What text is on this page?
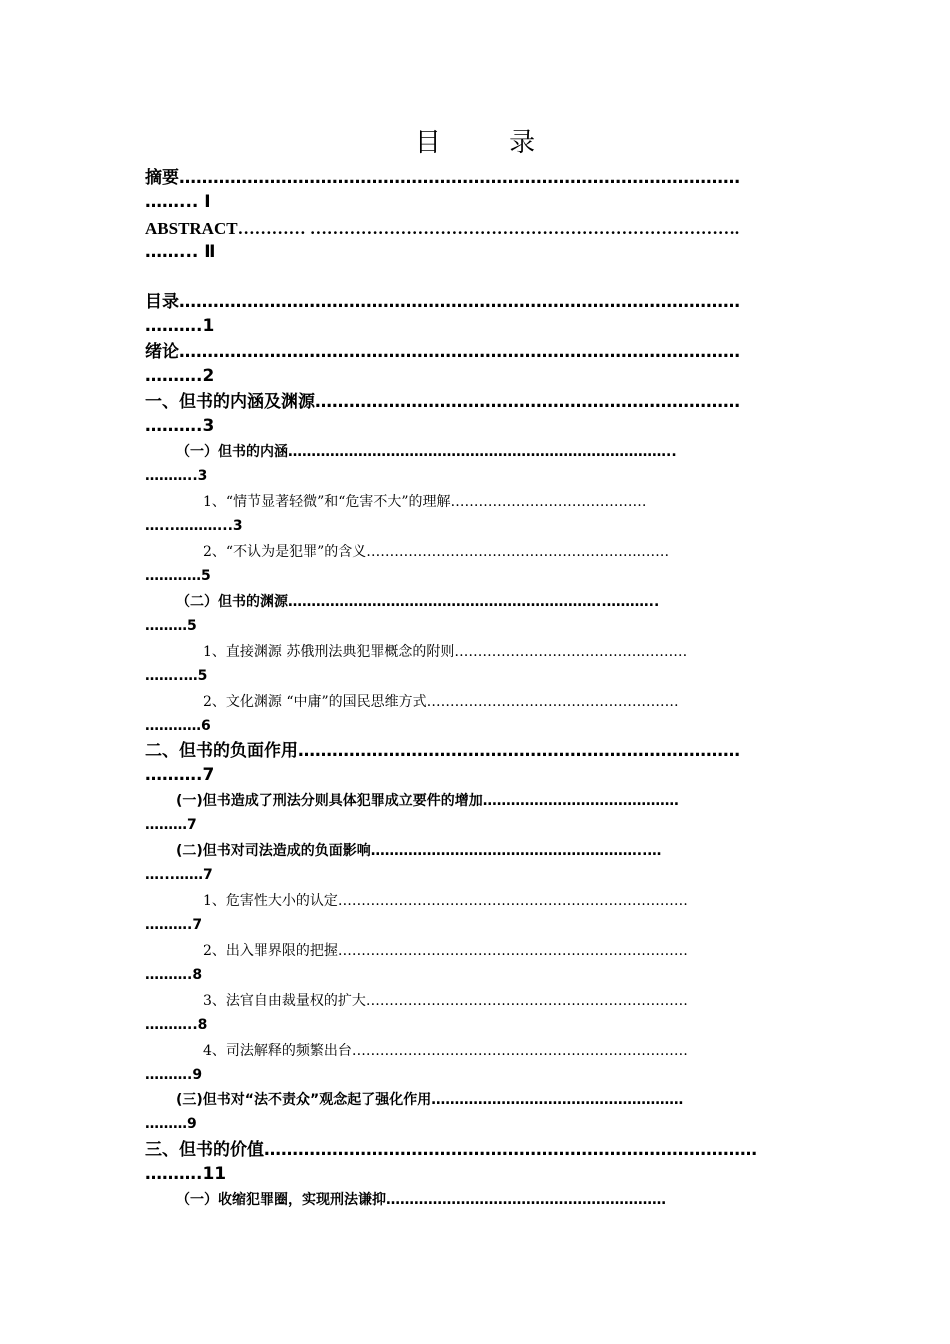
目 录
摘要………………………………………………………………………………………
……... Ⅰ
ABSTRACT………… ………………………………………………………………….
……... Ⅱ
目录………………………………………………………………………………………
……….1
绪论………………………………………………………………………………………
……….2
一、但书的内涵及渊源…………………………………………………………………
……….3
（一）但书的内涵………………………………………………………………………..
………..3
1、“情节显著轻微”和“危害不大”的理解……………………………………
…...………...3
2、“不认为是犯罪”的含义…………………………………………………..……
…………5
（二）但书的渊源…………………………………………………………..………..
………5
1、直接渊源 苏俄刑法典犯罪概念的附则…………………………………..………
……..…5
2、文化渊源 “中庸”的国民思维方式………………………………………………
…………6
二、但书的负面作用……………………………………………………………………
……….7
(一)但书造成了刑法分则具体犯罪成立要件的增加……………………………………
………7
(二)但书对司法造成的负面影响…………………………………………………..…
…...……7
1、危害性大小的认定…………………………………………………………………
……….7
2、出入罪界限的把握…………………………………………………………………
……….8
3、法官自由裁量权的扩大……………………………………………………………
………..8
4、司法解释的频繁出台………………………………………………………………
……….9
(三)但书对“法不责众”观念起了强化作用………………………………………………
………9
三、但书的价值……………………………………………………………………………
……….11
（一）收缩犯罪圈，实现刑法谦抑……………………………………………………
